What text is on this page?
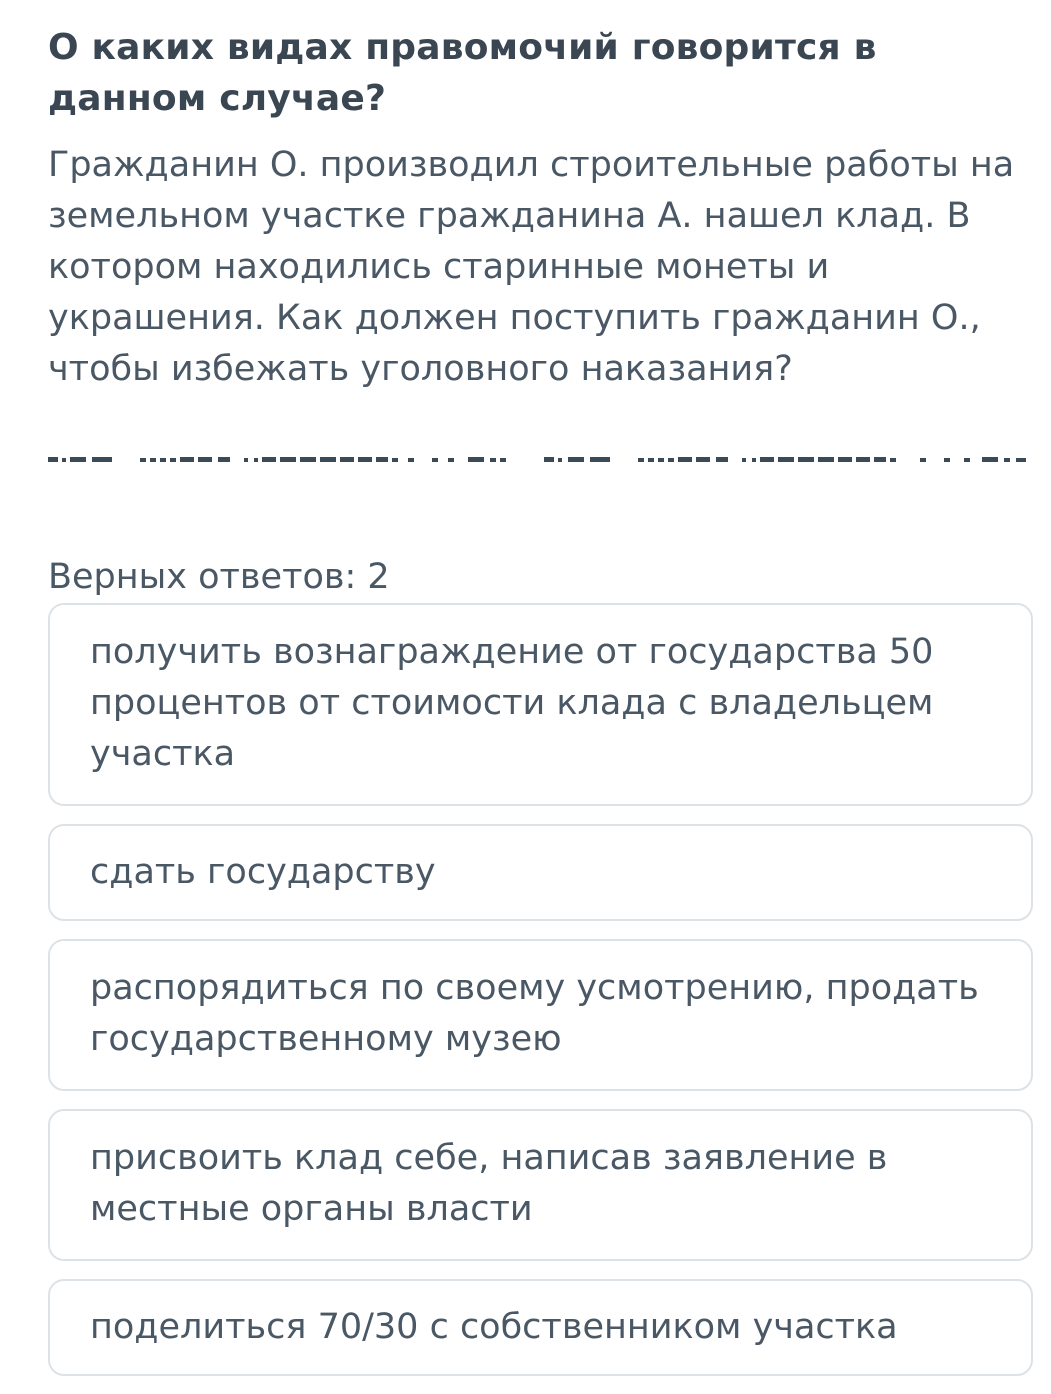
О каких видах правомочий говорится в данном случае?

Гражданин О. производил строительные работы на земельном участке гражданина А. нашел клад. В котором находились старинные монеты и украшения. Как должен поступить гражданин О., чтобы избежать уголовного наказания?

Верных ответов: 2
получить вознаграждение от государства 50 процентов от стоимости клада с владельцем участка
сдать государству
распорядиться по своему усмотрению, продать государственному музею
присвоить клад себе, написав заявление в местные органы власти
поделиться 70/30 с собственником участка
